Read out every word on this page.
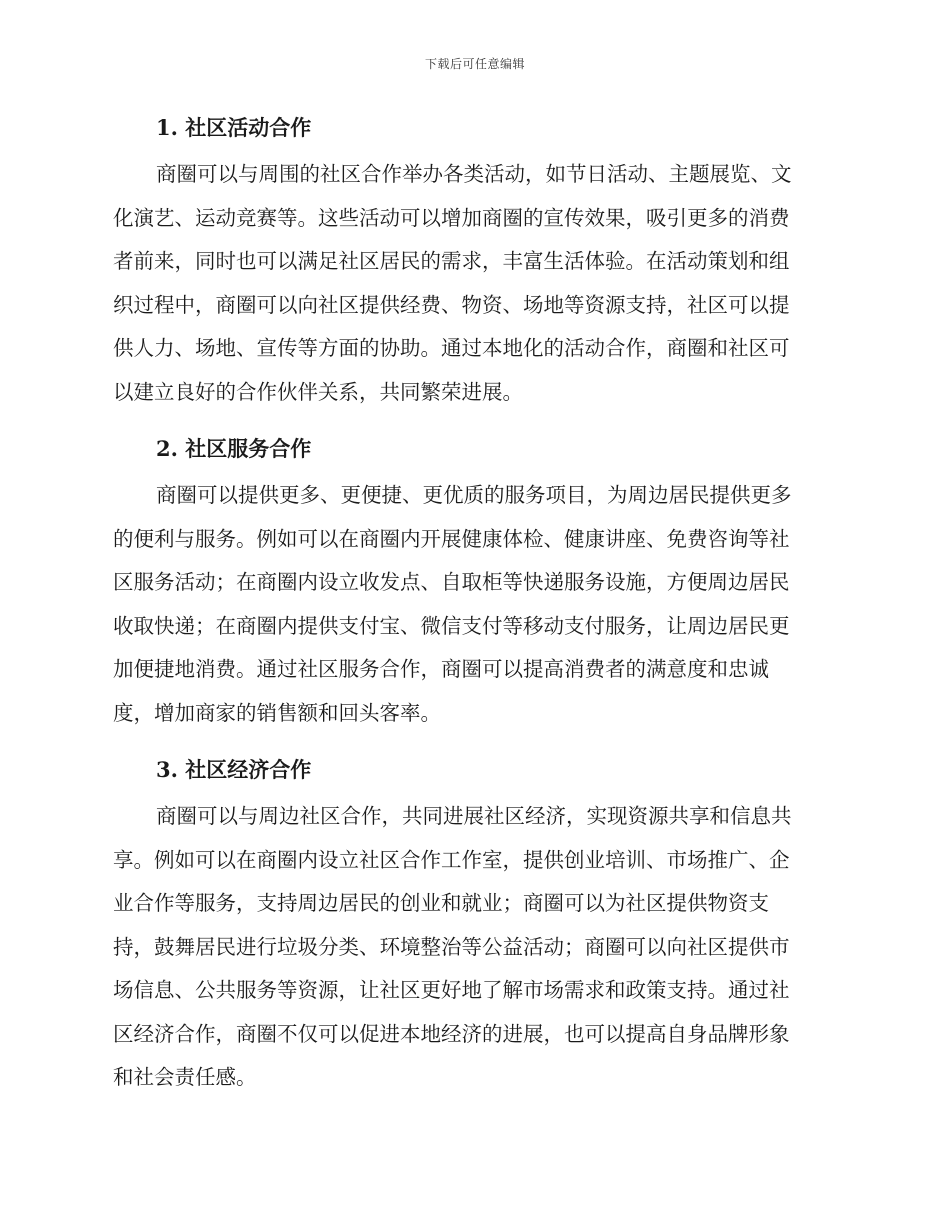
下载后可任意编辑
1. 社区活动合作

商圈可以与周围的社区合作举办各类活动，如节日活动、主题展览、文
化演艺、运动竞赛等。这些活动可以增加商圈的宣传效果，吸引更多的消费
者前来，同时也可以满足社区居民的需求，丰富生活体验。在活动策划和组
织过程中，商圈可以向社区提供经费、物资、场地等资源支持，社区可以提
供人力、场地、宣传等方面的协助。通过本地化的活动合作，商圈和社区可
以建立良好的合作伙伴关系，共同繁荣进展。

2. 社区服务合作

商圈可以提供更多、更便捷、更优质的服务项目，为周边居民提供更多
的便利与服务。例如可以在商圈内开展健康体检、健康讲座、免费咨询等社
区服务活动；在商圈内设立收发点、自取柜等快递服务设施，方便周边居民
收取快递；在商圈内提供支付宝、微信支付等移动支付服务，让周边居民更
加便捷地消费。通过社区服务合作，商圈可以提高消费者的满意度和忠诚
度，增加商家的销售额和回头客率。

3. 社区经济合作

商圈可以与周边社区合作，共同进展社区经济，实现资源共享和信息共
享。例如可以在商圈内设立社区合作工作室，提供创业培训、市场推广、企
业合作等服务，支持周边居民的创业和就业；商圈可以为社区提供物资支
持，鼓舞居民进行垃圾分类、环境整治等公益活动；商圈可以向社区提供市
场信息、公共服务等资源，让社区更好地了解市场需求和政策支持。通过社
区经济合作，商圈不仅可以促进本地经济的进展，也可以提高自身品牌形象
和社会责任感。
